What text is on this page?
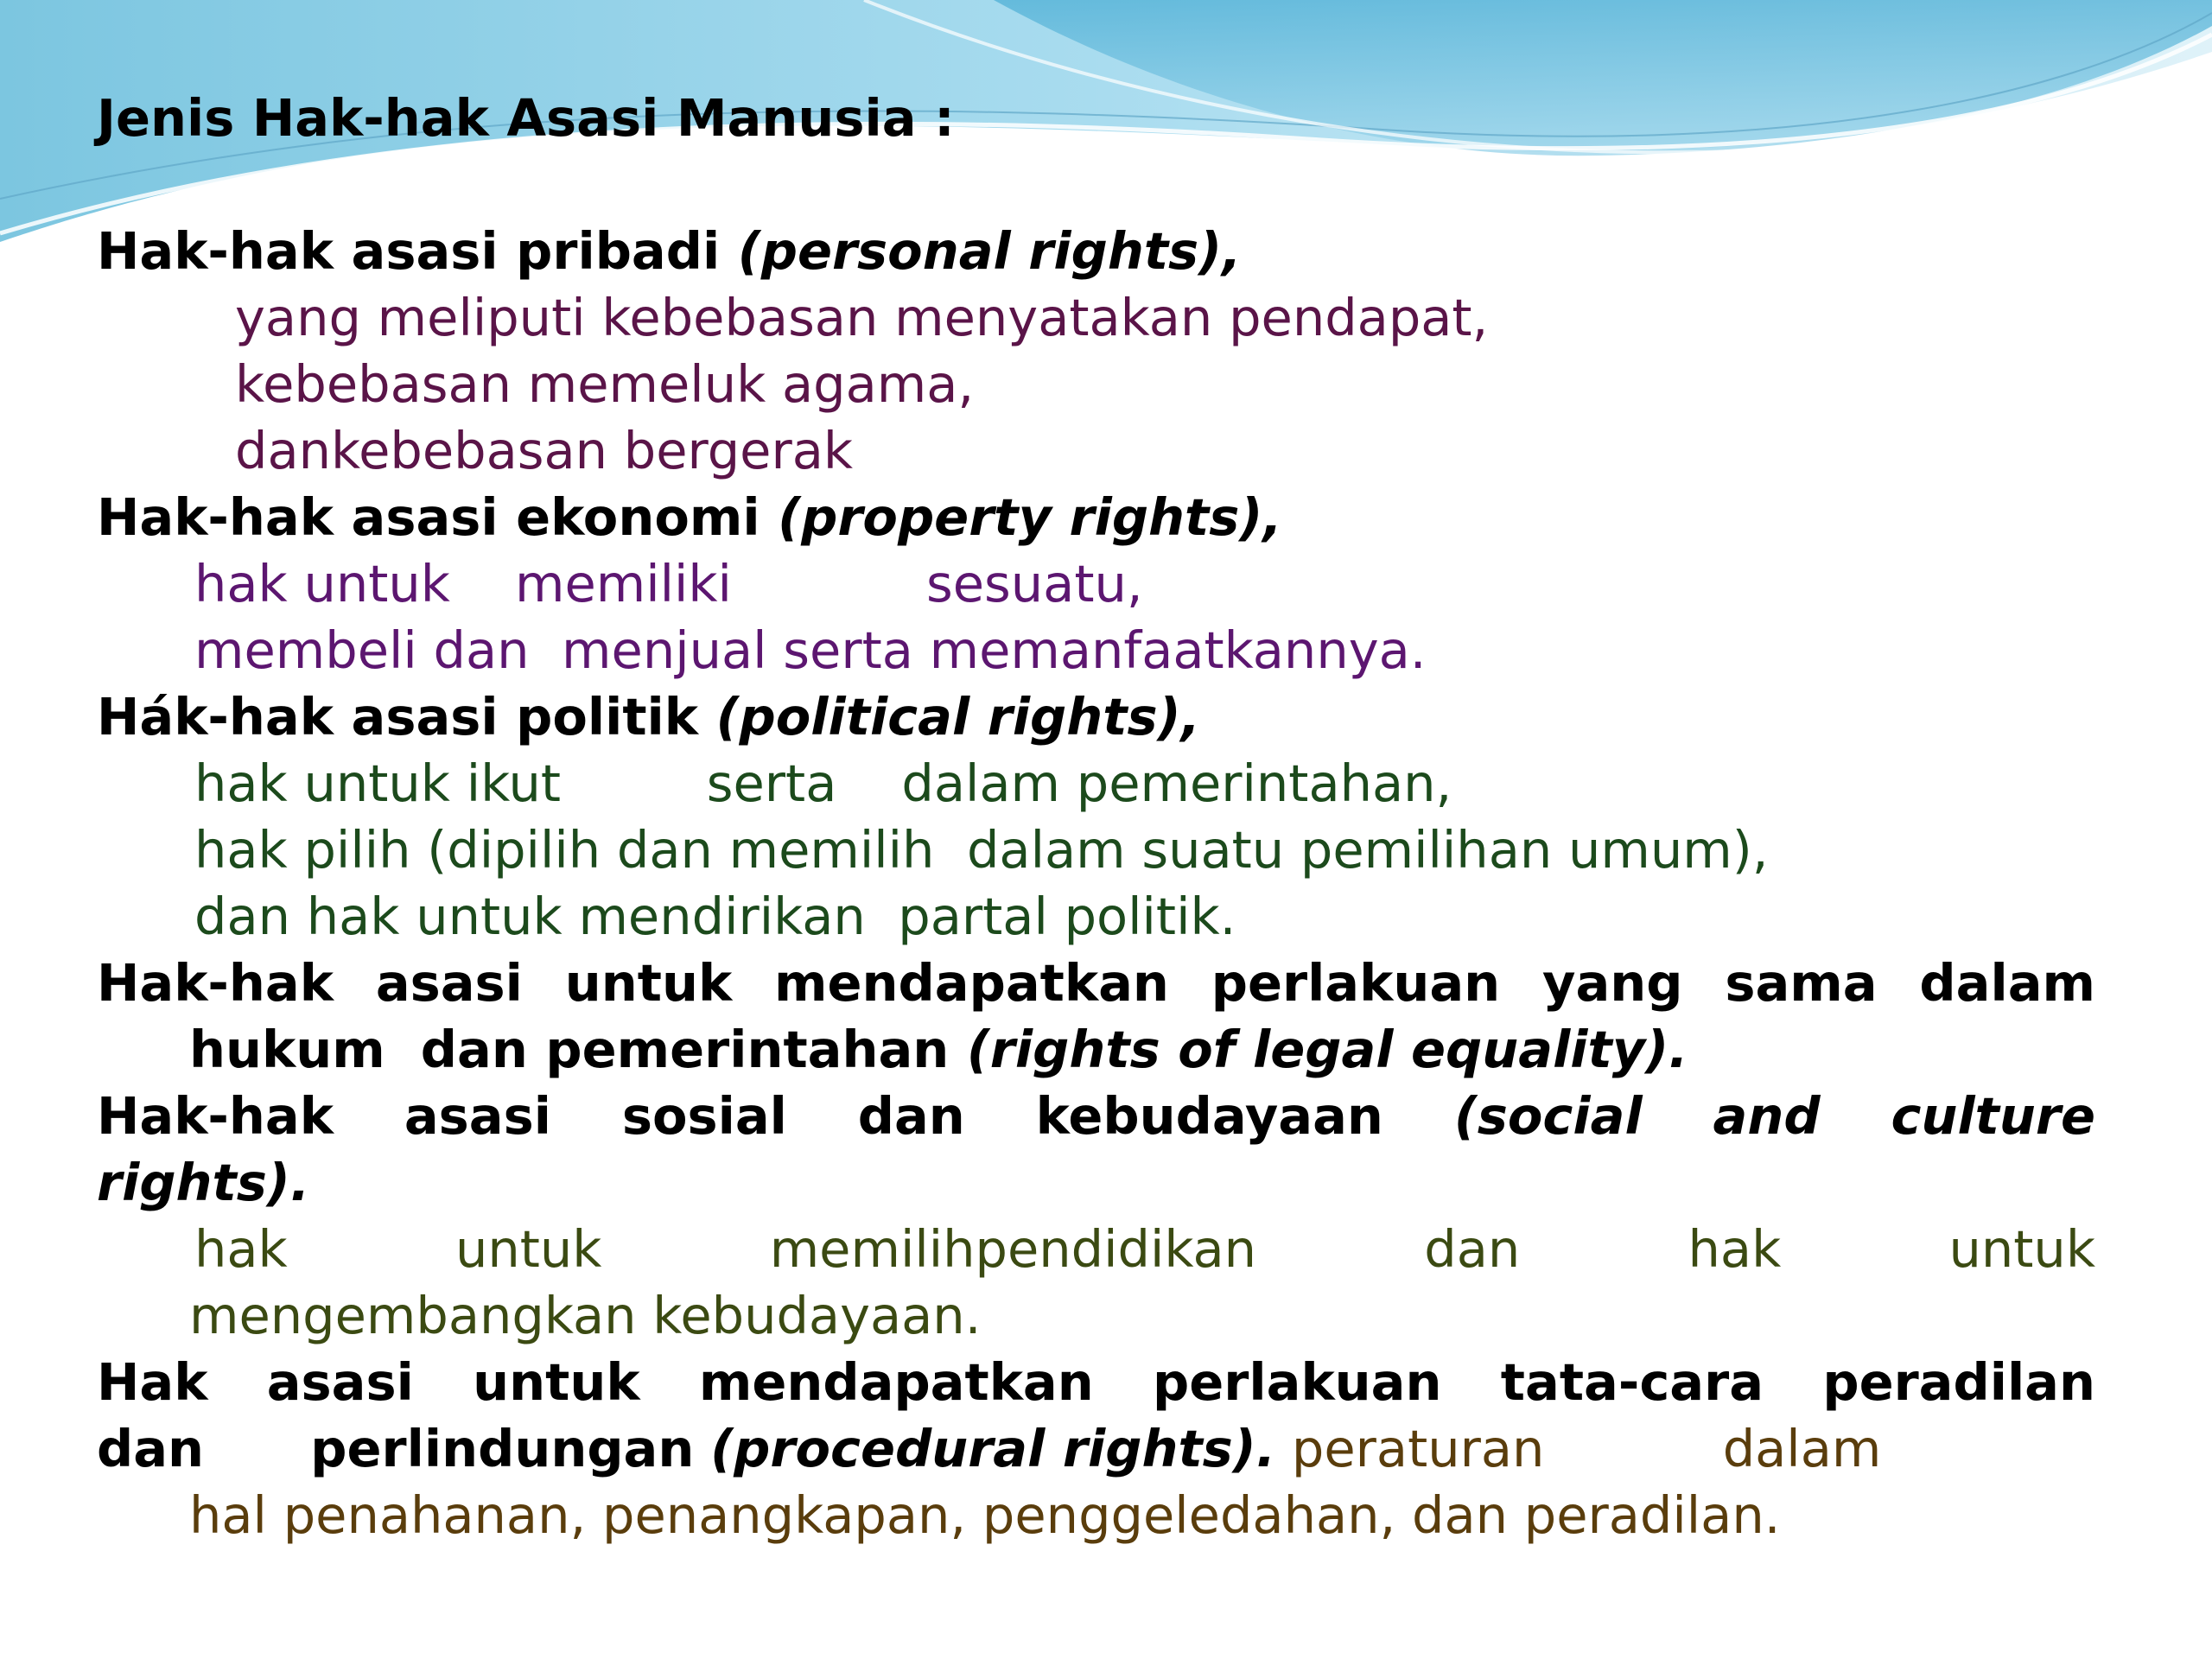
Jenis Hak-hak Asasi Manusia :
Hak-hak asasi pribadi (personal rights),
yang meliputi kebebasan menyatakan pendapat,
kebebasan memeluk agama,
dankebebasan bergerak
Hak-hak asasi ekonomi (property rights),
hak untuk    memiliki            sesuatu,
membeli dan  menjual serta memanfaatkannya.
Hák-hak asasi politik (political rights),
hak untuk ikut         serta    dalam pemerintahan,
hak pilih (dipilih dan memilih  dalam suatu pemilihan umum),
dan hak untuk mendirikan  partal politik.
Hak-hak asasi untuk mendapatkan perlakuan yang sama dalam
hukum  dan pemerintahan (rights of legal equality).
Hak-hak asasi sosial dan kebudayaan (social and culture
rights).
hak untuk memilihpendidikan dan hak untuk
mengembangkan kebudayaan.
Hak asasi untuk mendapatkan perlakuan tata-cara peradilan
dan      perlindungan (procedural rights). peraturan           dalam
hal penahanan, penangkapan, penggeledahan, dan peradilan.
